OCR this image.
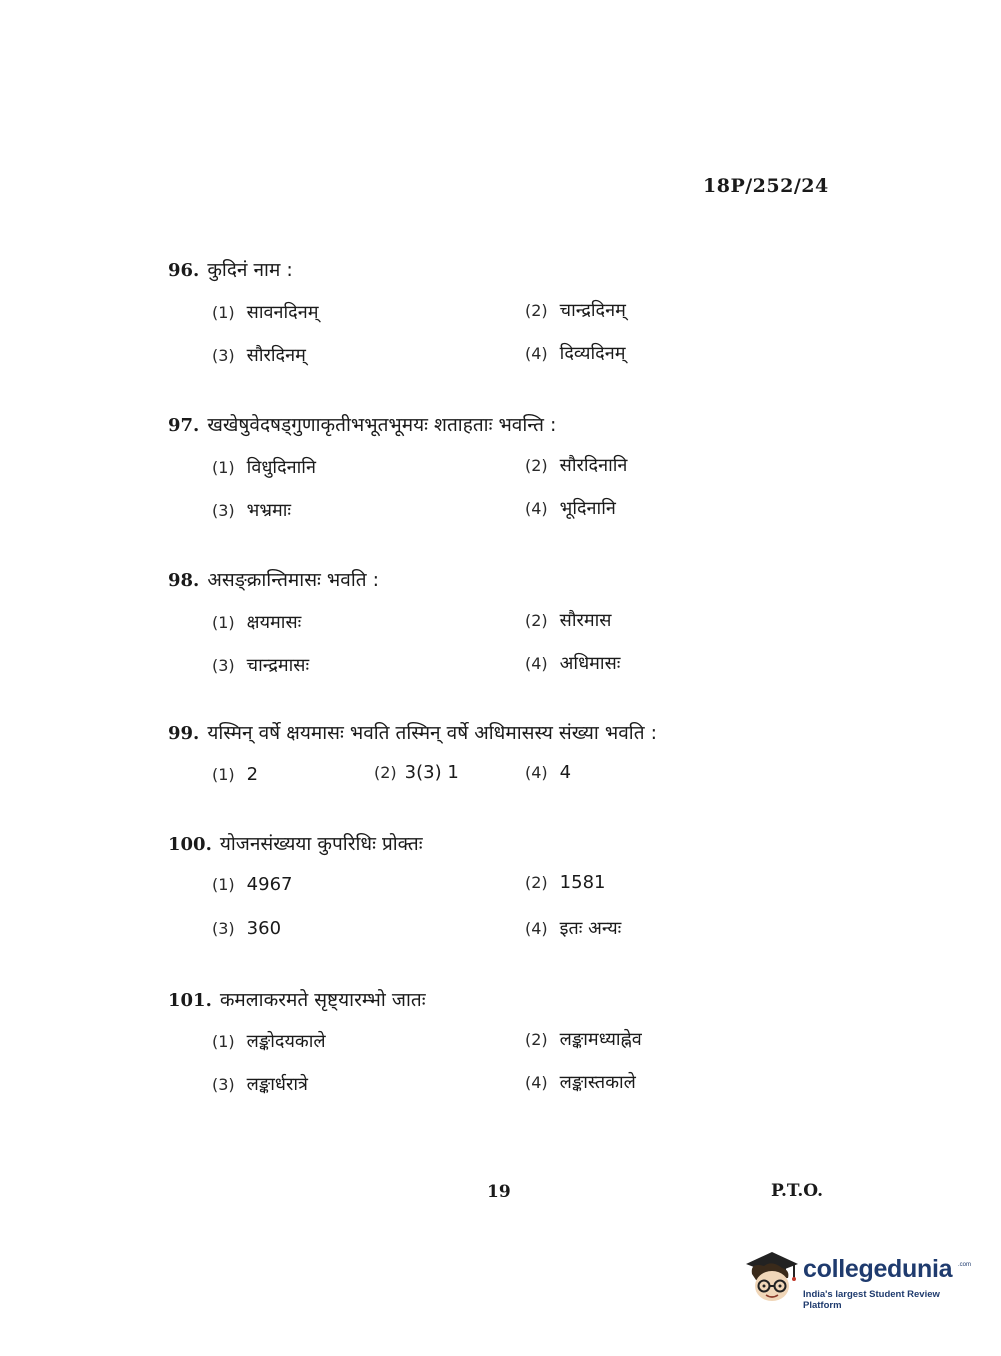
18P/252/24
96. कुदिनं नाम :
(1) सावनदिनम्	(2) चान्द्रदिनम्
(3) सौरदिनम्	(4) दिव्यदिनम्
97. खखेषुवेदषड्गुणाकृतीभभूतभूमयः शताहताः भवन्ति :
(1) विधुदिनानि	(2) सौरदिनानि
(3) भभ्रमाः	(4) भूदिनानि
98. असङ्क्रान्तिमासः भवति :
(1) क्षयमासः	(2) सौरमास
(3) चान्द्रमासः	(4) अधिमासः
99. यस्मिन् वर्षे क्षयमासः भवति तस्मिन् वर्षे अधिमासस्य संख्या भवति :
(1) 2	(2) 3(3) 1	(4) 4
100. योजनसंख्यया कुपरिधिः प्रोक्तः
(1) 4967	(2) 1581
(3) 360	(4) इतः अन्यः
101. कमलाकरमते सृष्ट्यारम्भो जातः
(1) लङ्कोदयकाले	(2) लङ्कामध्याह्नेव
(3) लङ्कार्धरात्रे	(4) लङ्कास्तकाले
19	P.T.O.
collegedunia .com
India's largest Student Review Platform
